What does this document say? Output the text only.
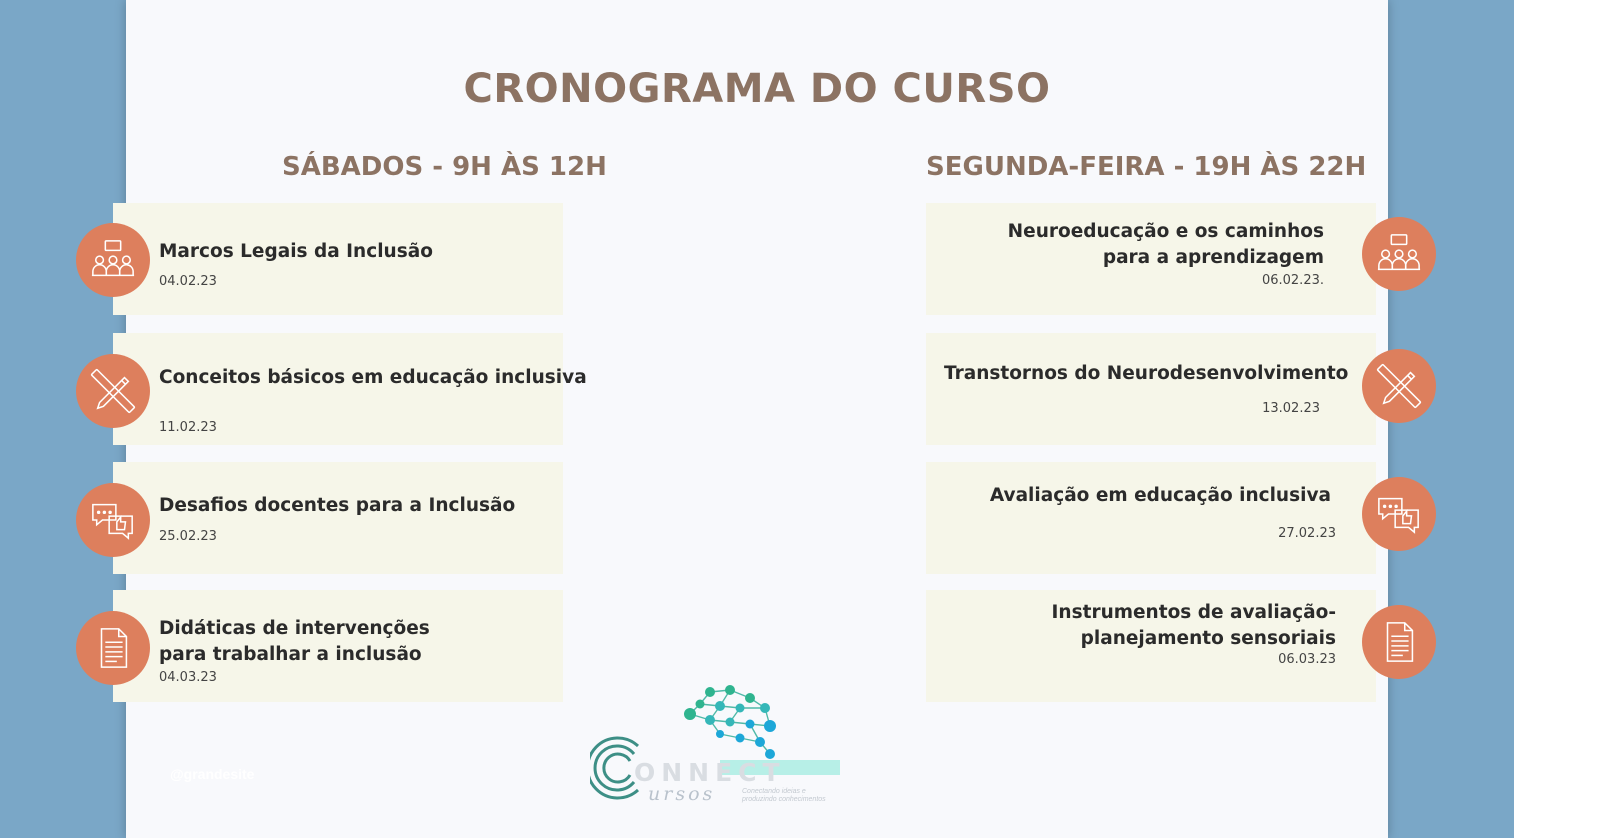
CRONOGRAMA DO CURSO
SÁBADOS - 9H ÀS 12H	SEGUNDA-FEIRA - 19H ÀS 22H
Marcos Legais da Inclusão
04.02.23
Conceitos básicos em educação inclusiva
11.02.23
Desafios docentes para a Inclusão
25.02.23
Didáticas de intervenções para trabalhar a inclusão
04.03.23
Neuroeducação e os caminhos para a aprendizagem
06.02.23.
Transtornos do Neurodesenvolvimento
13.02.23
Avaliação em educação inclusiva
27.02.23
Instrumentos de avaliação-planejamento sensoriais
06.03.23
@grandesite	ONNECT
ursos	Conectando ideias e produzindo conhecimentos
